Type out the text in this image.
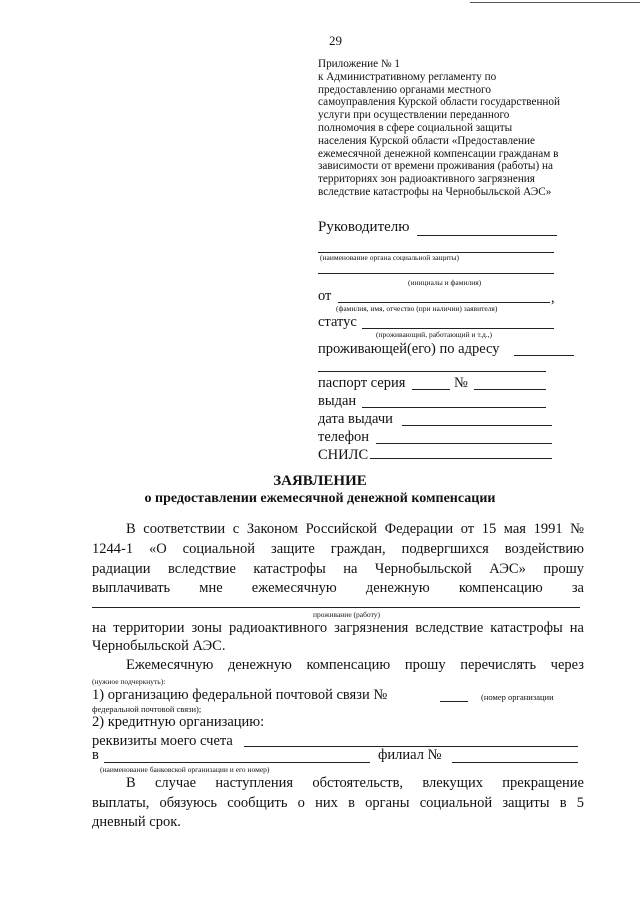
29
Приложение № 1
к Административному регламенту по
предоставлению органами местного
самоуправления Курской области государственной
услуги при осуществлении переданного
полномочия в сфере социальной защиты
населения Курской области «Предоставление
ежемесячной денежной компенсации гражданам в
зависимости от времени проживания (работы) на
территориях зон радиоактивного загрязнения
вследствие катастрофы на Чернобыльской АЭС»
Руководителю
(наименование органа социальной защиты)
(инициалы и фамилия)
от	,
(фамилия, имя, отчество (при наличии) заявителя)
статус
(проживающий, работающий и т.д.,)
проживающей(его) по адресу
паспорт серия	№
выдан
дата выдачи
телефон
СНИЛС
ЗАЯВЛЕНИЕ
о предоставлении ежемесячной денежной компенсации
В соответствии с Законом Российской Федерации от 15 мая 1991 №
1244-1 «О социальной защите граждан, подвергшихся воздействию
радиации вследствие катастрофы на Чернобыльской АЭС» прошу
выплачивать мне ежемесячную денежную компенсацию за
проживание (работу)
на территории зоны радиоактивного загрязнения вследствие катастрофы на
Чернобыльской АЭС.
Ежемесячную денежную компенсацию прошу перечислять через
(нужное подчеркнуть):
1) организацию федеральной почтовой связи №	(номер организации
федеральной почтовой связи);
2) кредитную организацию:
реквизиты моего счета
в	филиал №
(наименование банковской организации и его номер)
В случае наступления обстоятельств, влекущих прекращение
выплаты, обязуюсь сообщить о них в органы социальной защиты в 5
дневный срок.
